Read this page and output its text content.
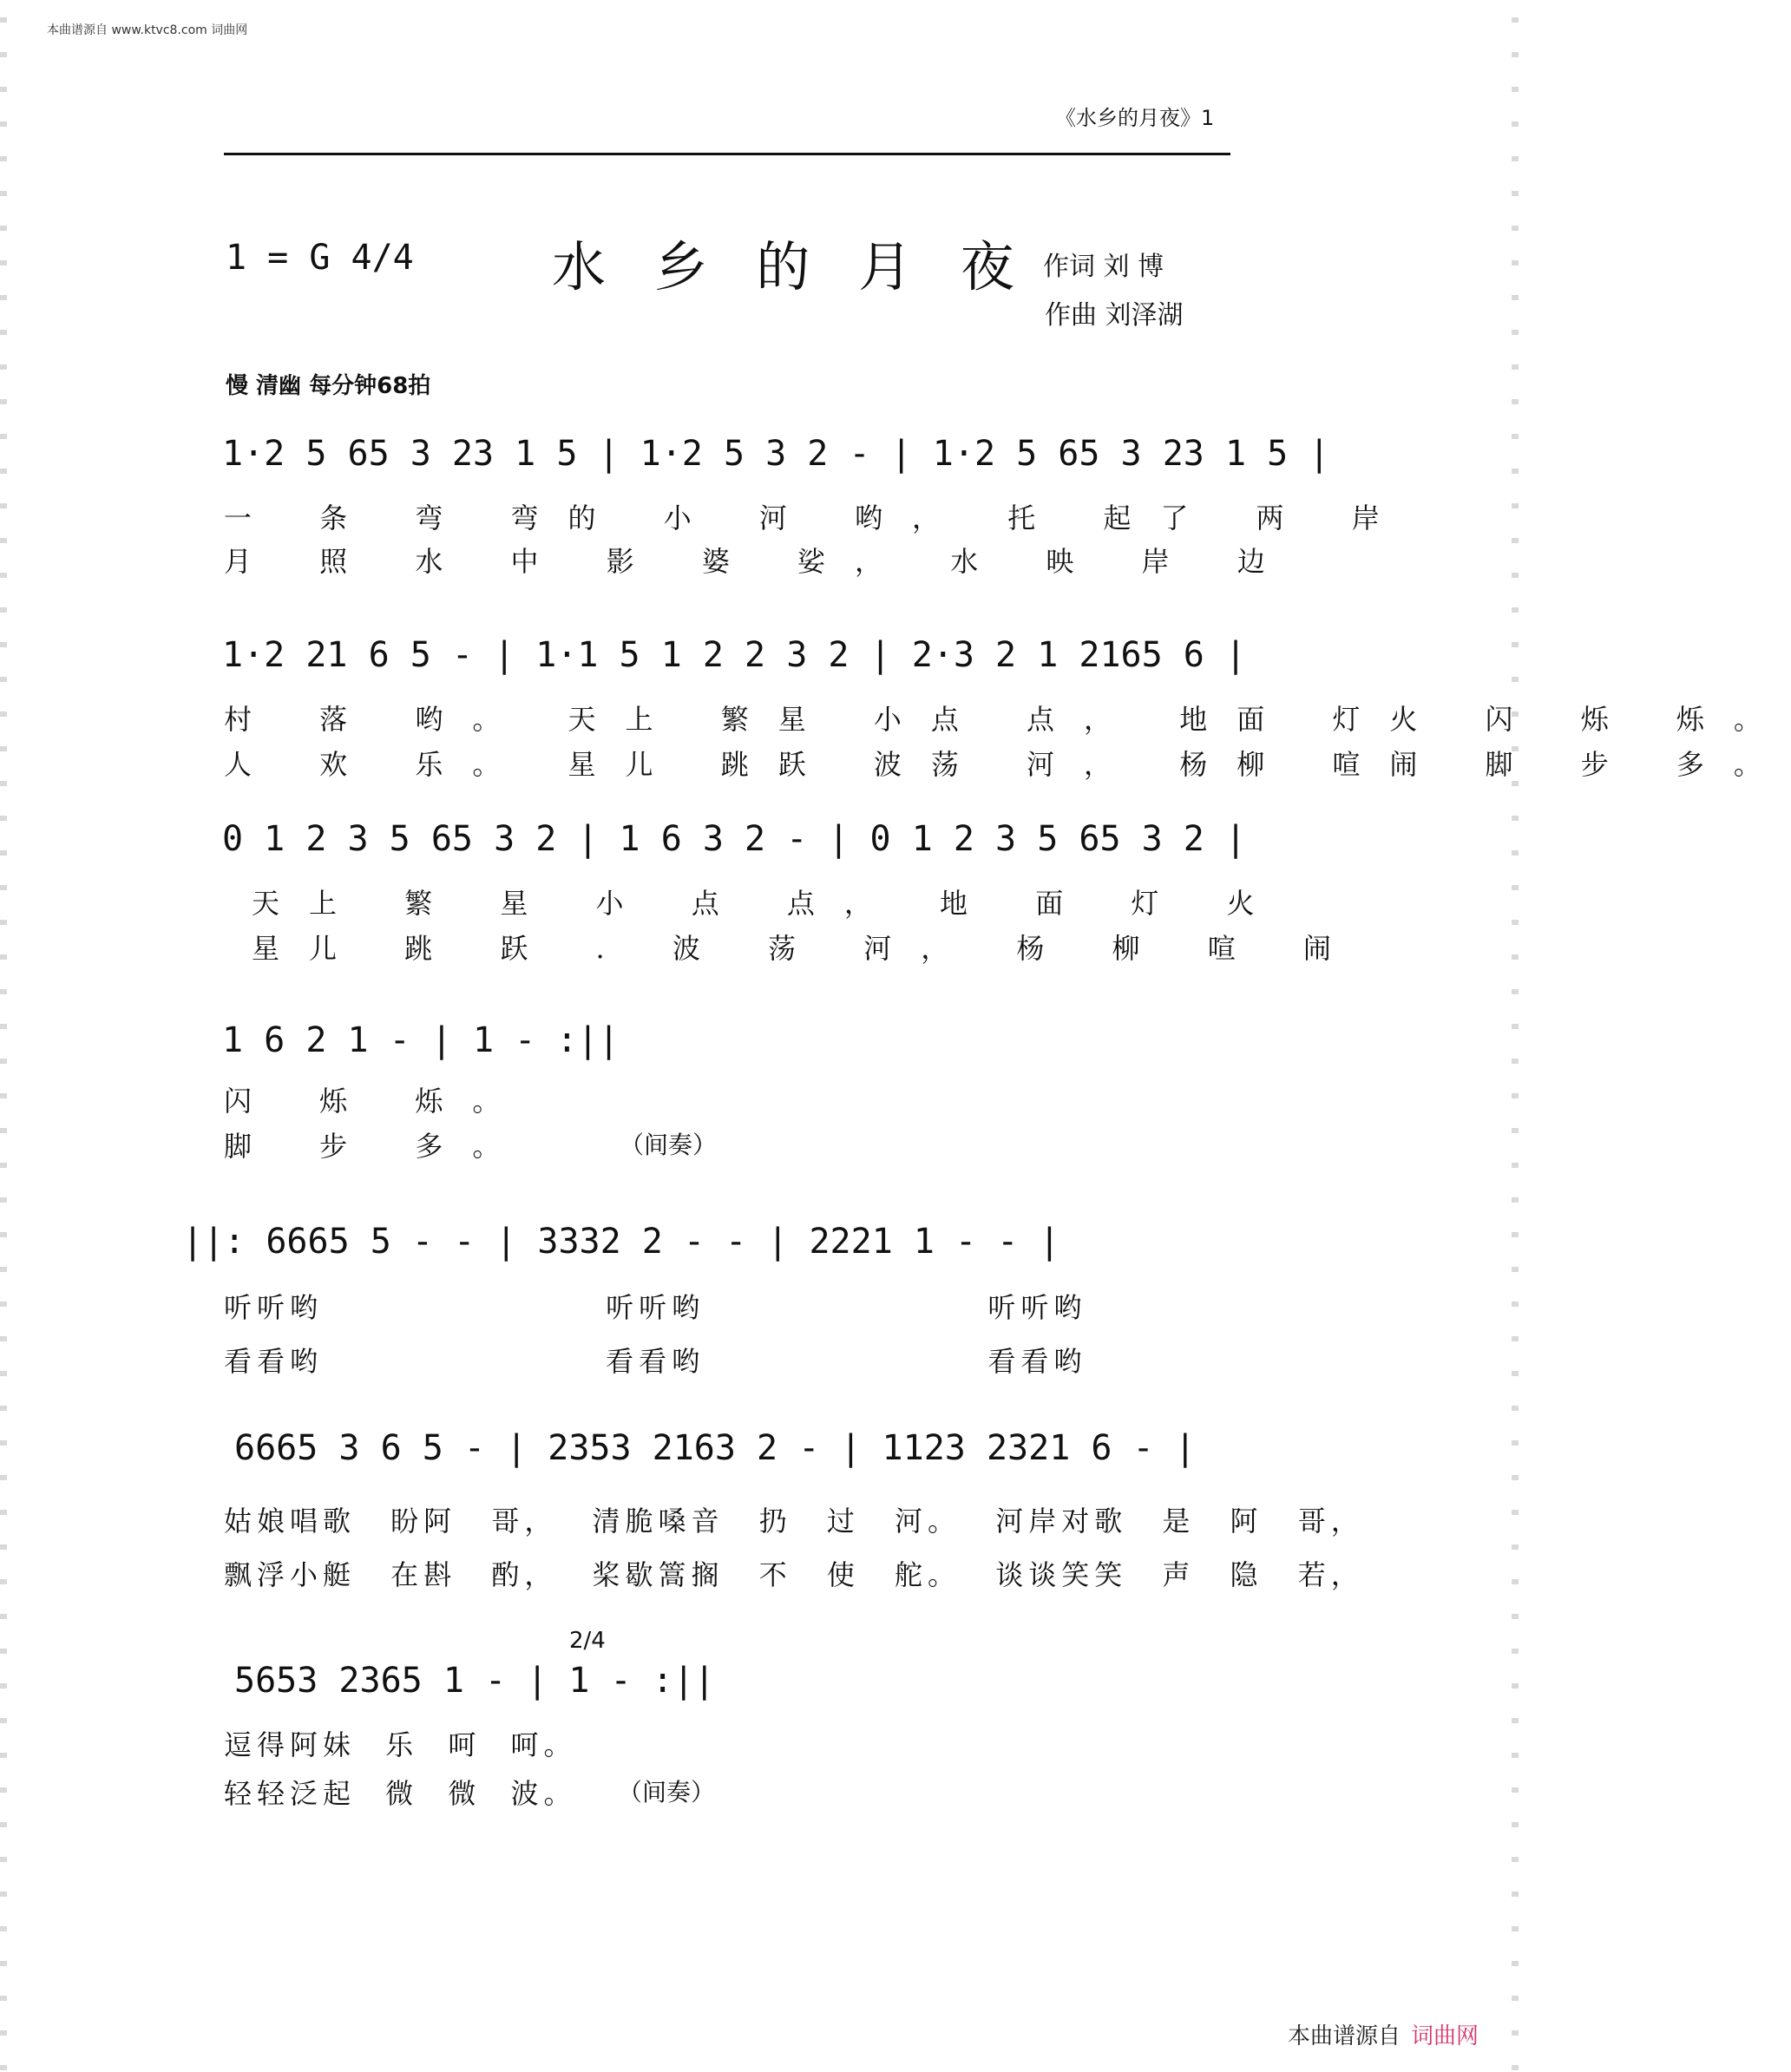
本曲谱源自 www.ktvc8.com 词曲网
《水乡的月夜》1
1 = G 4/4	水 乡 的 月 夜 作词 刘 博
作曲 刘泽湖
慢 清幽 每分钟68拍
1·2 5 65 3 23 1 5 | 1·2 5 3 2 - | 1·2 5 65 3 23 1 5 |
一 条 弯 弯的 小 河 哟， 托 起了 两 岸
月 照 水 中 影 婆 娑， 水 映 岸 边
1·2 21 6 5 - | 1·1 5 1 2 2 3 2 | 2·3 2 1 2165 6 |
村 落 哟。 天上 繁星 小点 点， 地面 灯火 闪 烁 烁。
人 欢 乐。 星儿 跳跃 波荡 河， 杨柳 喧闹 脚 步 多。
0 1 2 3 5 65 3 2 | 1 6 3 2 - | 0 1 2 3 5 65 3 2 |
天上 繁 星 小 点 点， 地 面 灯 火
星儿 跳 跃 . 波 荡 河， 杨 柳 喧 闹
1 6 2 1 - | 1 - :||
闪 烁 烁。
脚 步 多。	（间奏）
||: 6665 5 - - | 3332 2 - - | 2221 1 - - |
听听哟 听听哟 听听哟
看看哟 看看哟 看看哟
6665 3 6 5 - | 2353 2163 2 - | 1123 2321 6 - |
姑娘唱歌 盼阿 哥， 清脆嗓音 扔 过 河。 河岸对歌 是 阿 哥，
飘浮小艇 在斟 酌， 桨歇篙搁 不 使 舵。 谈谈笑笑 声 隐 若，
2/4
5653 2365 1 - | 1 - :||
逗得阿妹 乐 呵 呵。
轻轻泛起 微 微 波。 （间奏）
本曲谱源自 词曲网
